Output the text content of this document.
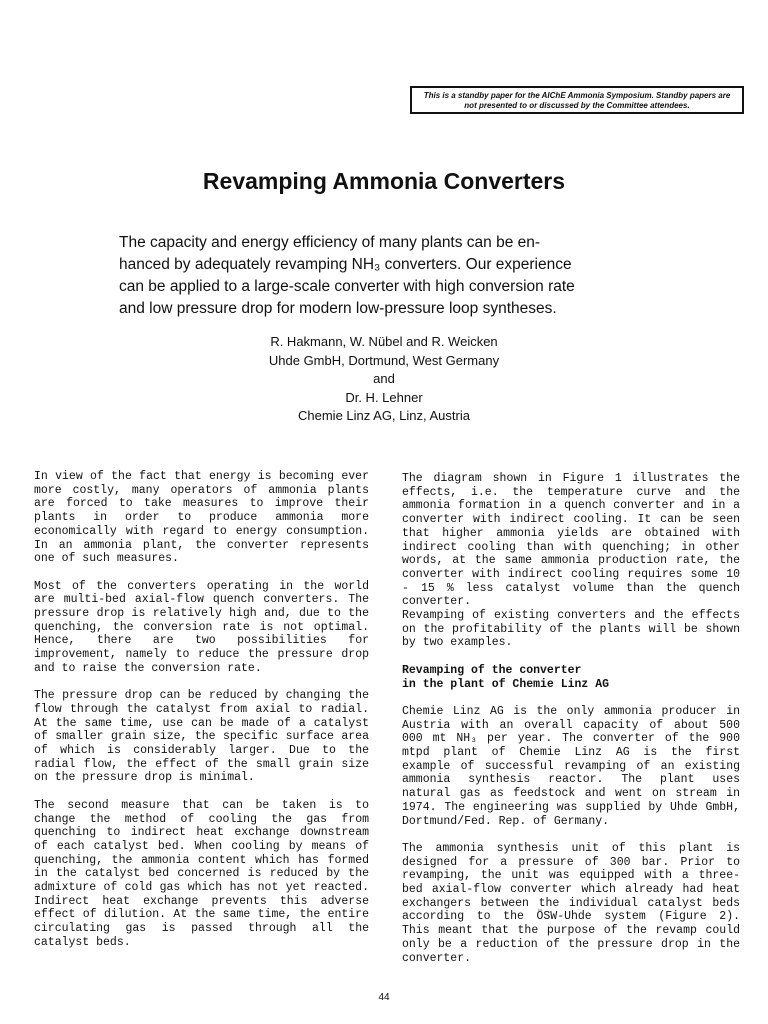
This is a standby paper for the AIChE Ammonia Symposium. Standby papers are not presented to or discussed by the Committee attendees.
Revamping Ammonia Converters
The capacity and energy efficiency of many plants can be en-
hanced by adequately revamping NH₃ converters. Our experience
can be applied to a large-scale converter with high conversion rate
and low pressure drop for modern low-pressure loop syntheses.
R. Hakmann, W. Nübel and R. Weicken
Uhde GmbH, Dortmund, West Germany
and
Dr. H. Lehner
Chemie Linz AG, Linz, Austria

In view of the fact that energy is becoming ever more costly, many operators of ammonia plants are forced to take measures to improve their plants in order to produce ammonia more economically with regard to energy consumption. In an ammonia plant, the converter represents one of such measures.

Most of the converters operating in the world are multi-bed axial-flow quench converters. The pressure drop is relatively high and, due to the quenching, the conversion rate is not optimal. Hence, there are two possibilities for improvement, namely to reduce the pressure drop and to raise the conversion rate.

The pressure drop can be reduced by changing the flow through the catalyst from axial to radial. At the same time, use can be made of a catalyst of smaller grain size, the specific surface area of which is considerably larger. Due to the radial flow, the effect of the small grain size on the pressure drop is minimal.

The second measure that can be taken is to change the method of cooling the gas from quenching to indirect heat exchange downstream of each catalyst bed. When cooling by means of quenching, the ammonia content which has formed in the catalyst bed concerned is reduced by the admixture of cold gas which has not yet reacted. Indirect heat exchange prevents this adverse effect of dilution. At the same time, the entire circulating gas is passed through all the catalyst beds.

The diagram shown in Figure 1 illustrates the effects, i.e. the temperature curve and the ammonia formation in a quench converter and in a converter with indirect cooling. It can be seen that higher ammonia yields are obtained with indirect cooling than with quenching; in other words, at the same ammonia production rate, the converter with indirect cooling requires some 10 - 15 % less catalyst volume than the quench converter.

Revamping of existing converters and the effects on the profitability of the plants will be shown by two examples.

Revamping of the converter
in the plant of Chemie Linz AG

Chemie Linz AG is the only ammonia producer in Austria with an overall capacity of about 500 000 mt NH₃ per year. The converter of the 900 mtpd plant of Chemie Linz AG is the first example of successful revamping of an existing ammonia synthesis reactor. The plant uses natural gas as feedstock and went on stream in 1974. The engineering was supplied by Uhde GmbH, Dortmund/Fed. Rep. of Germany.

The ammonia synthesis unit of this plant is designed for a pressure of 300 bar. Prior to revamping, the unit was equipped with a three-bed axial-flow converter which already had heat exchangers between the individual catalyst beds according to the ÖSW-Uhde system (Figure 2). This meant that the purpose of the revamp could only be a reduction of the pressure drop in the converter.

44
